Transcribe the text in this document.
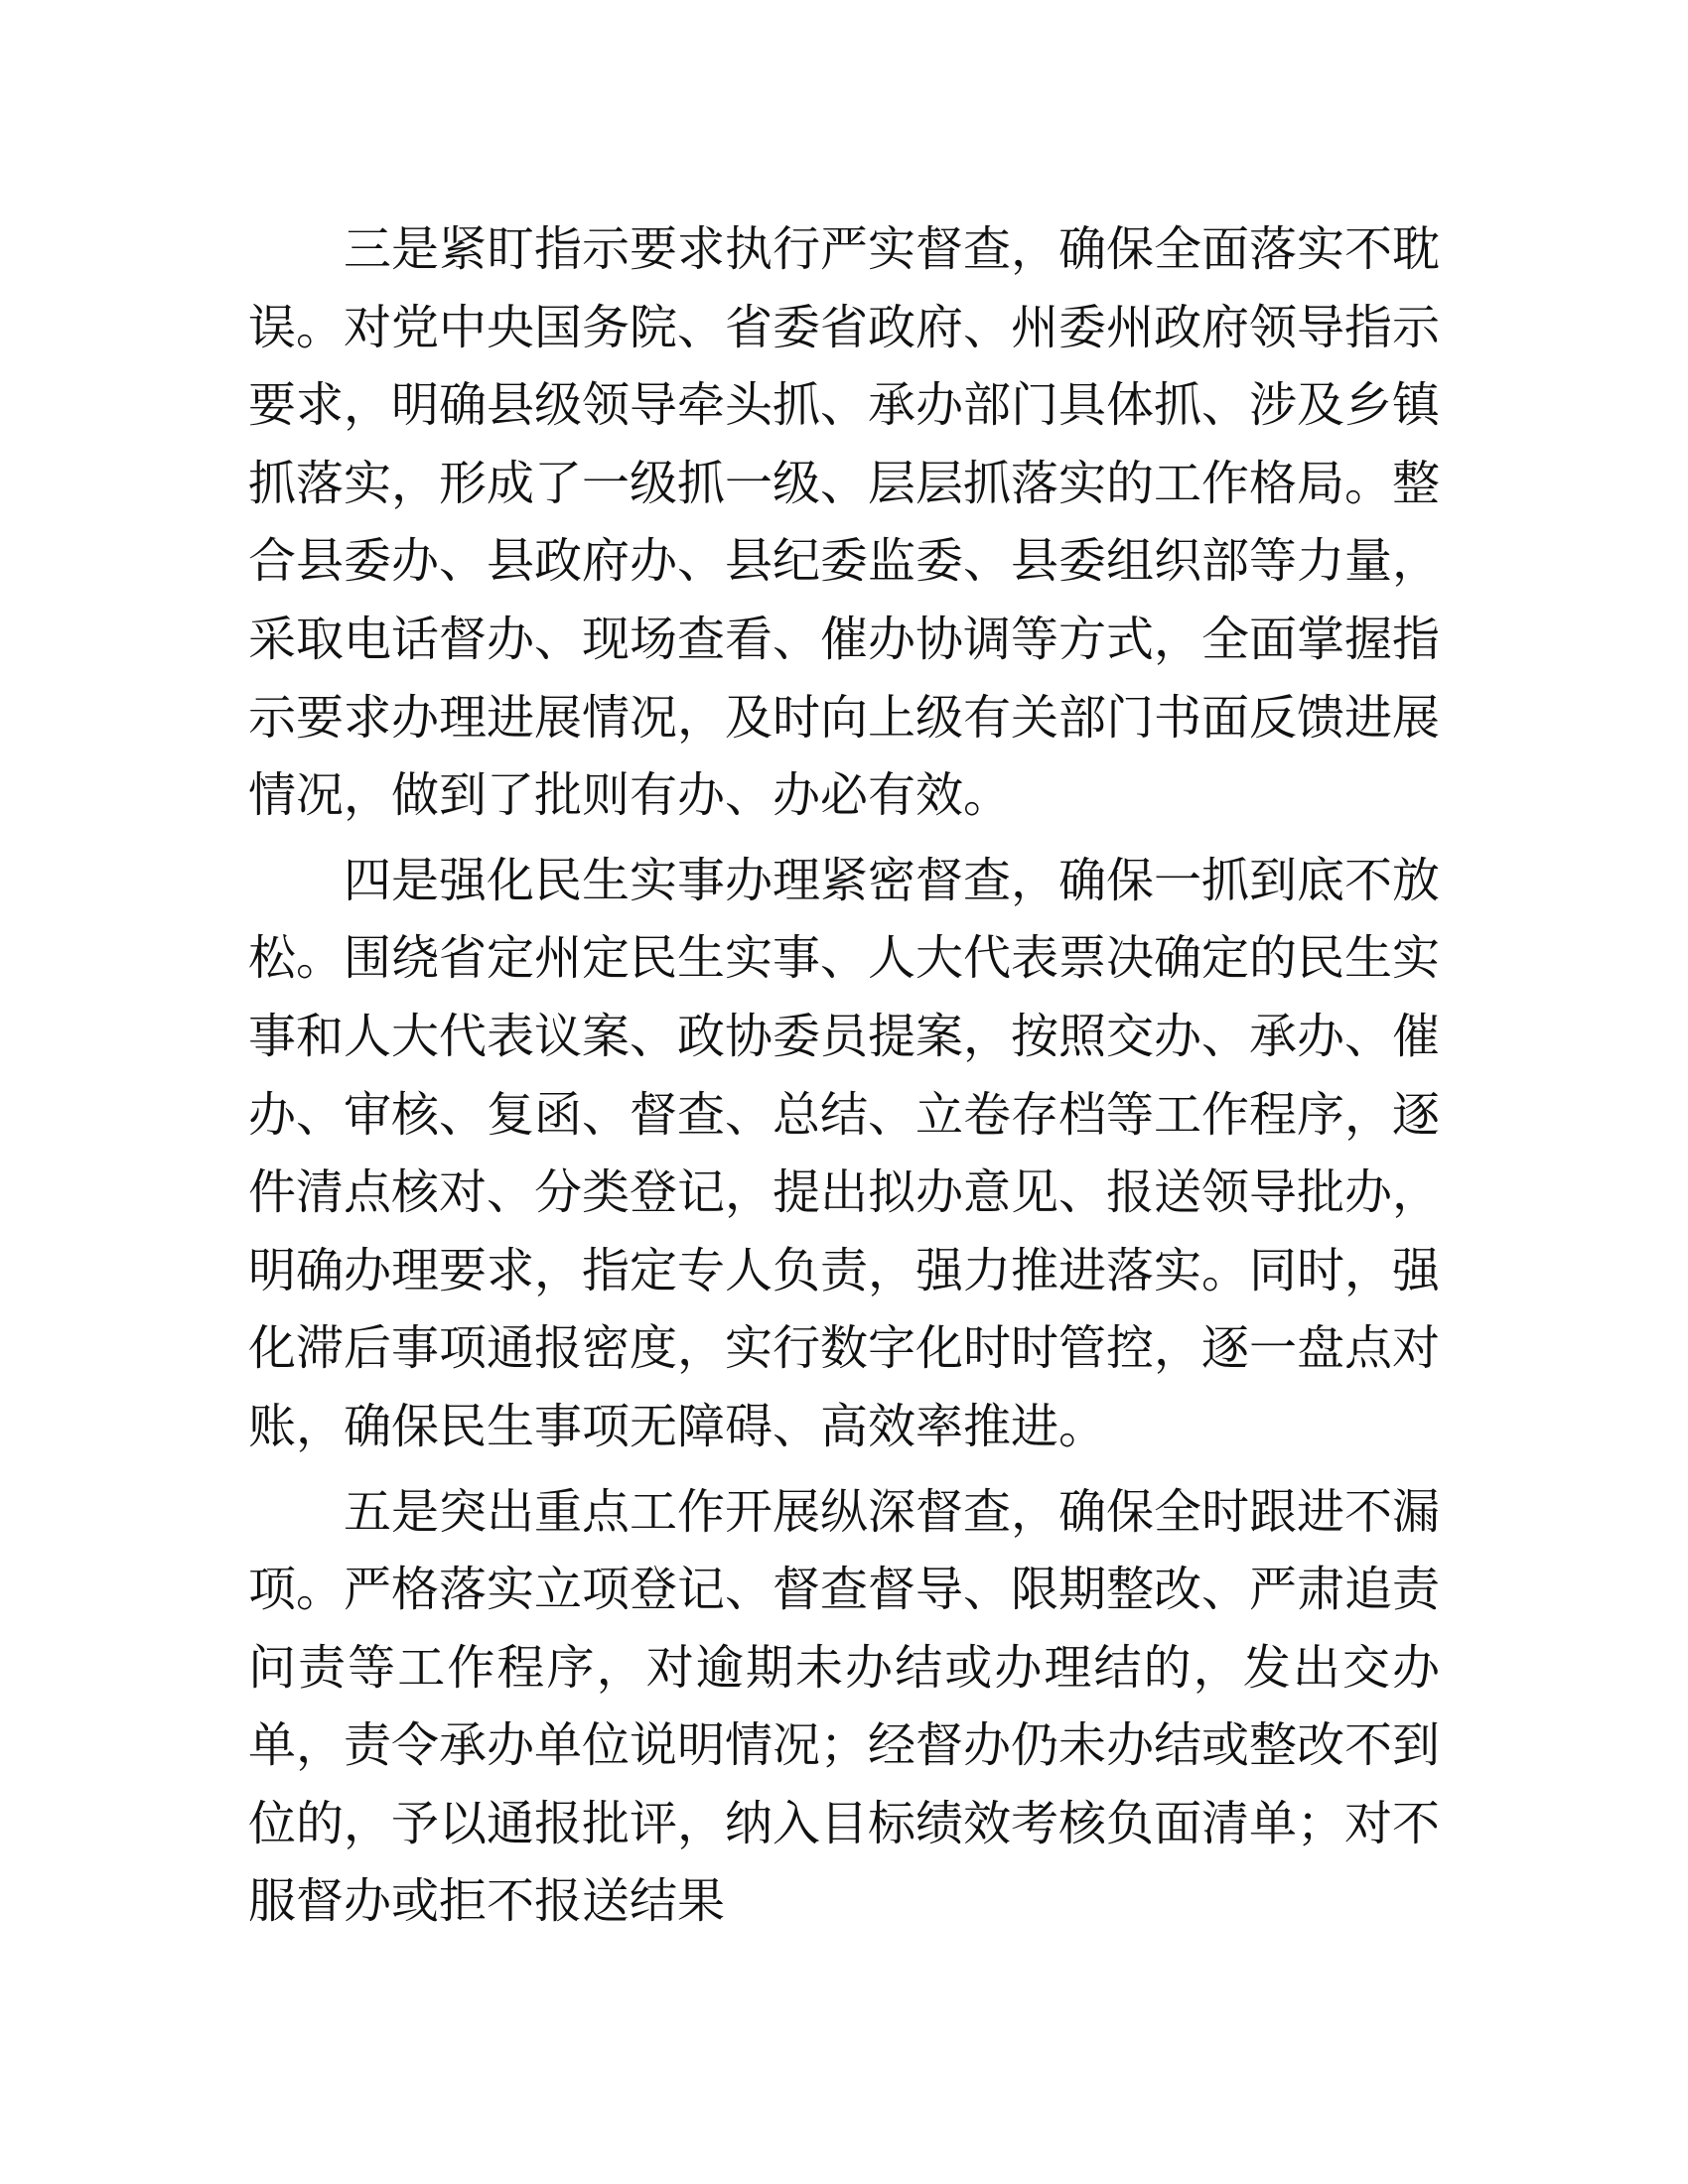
三是紧盯指示要求执行严实督查，确保全面落实不耽误。对党中央国务院、省委省政府、州委州政府领导指示要求，明确县级领导牵头抓、承办部门具体抓、涉及乡镇抓落实，形成了一级抓一级、层层抓落实的工作格局。整合县委办、县政府办、县纪委监委、县委组织部等力量，采取电话督办、现场查看、催办协调等方式，全面掌握指示要求办理进展情况，及时向上级有关部门书面反馈进展情况，做到了批则有办、办必有效。

四是强化民生实事办理紧密督查，确保一抓到底不放松。围绕省定州定民生实事、人大代表票决确定的民生实事和人大代表议案、政协委员提案，按照交办、承办、催办、审核、复函、督查、总结、立卷存档等工作程序，逐件清点核对、分类登记，提出拟办意见、报送领导批办，明确办理要求，指定专人负责，强力推进落实。同时，强化滞后事项通报密度，实行数字化时时管控，逐一盘点对账，确保民生事项无障碍、高效率推进。

五是突出重点工作开展纵深督查，确保全时跟进不漏项。严格落实立项登记、督查督导、限期整改、严肃追责问责等工作程序，对逾期未办结或办理结的，发出交办单，责令承办单位说明情况；经督办仍未办结或整改不到位的，予以通报批评，纳入目标绩效考核负面清单；对不服督办或拒不报送结果
